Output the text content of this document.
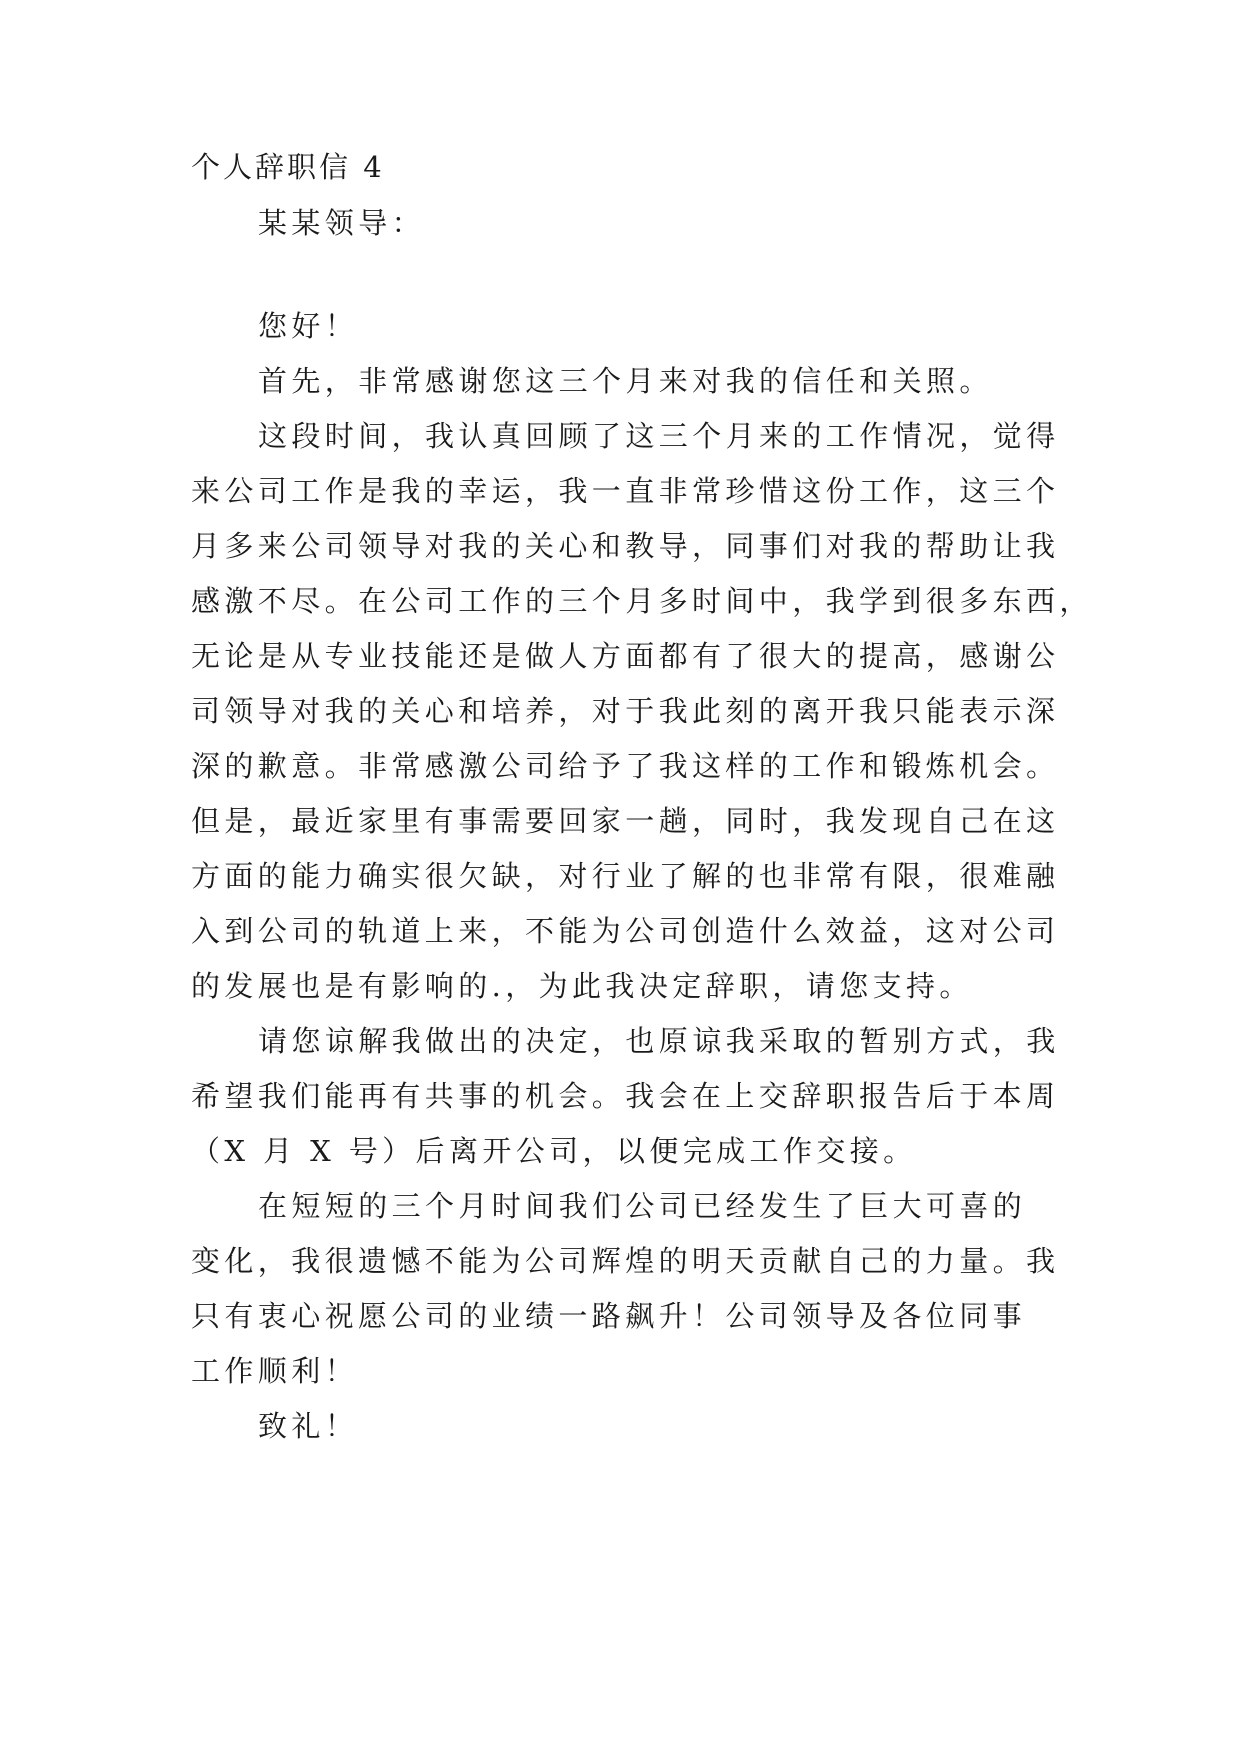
个人辞职信 4
某某领导：
您好！
首先，非常感谢您这三个月来对我的信任和关照。
这段时间，我认真回顾了这三个月来的工作情况，觉得
来公司工作是我的幸运，我一直非常珍惜这份工作，这三个
月多来公司领导对我的关心和教导，同事们对我的帮助让我
感激不尽。在公司工作的三个月多时间中，我学到很多东西，
无论是从专业技能还是做人方面都有了很大的提高，感谢公
司领导对我的关心和培养，对于我此刻的离开我只能表示深
深的歉意。非常感激公司给予了我这样的工作和锻炼机会。
但是，最近家里有事需要回家一趟，同时，我发现自己在这
方面的能力确实很欠缺，对行业了解的也非常有限，很难融
入到公司的轨道上来，不能为公司创造什么效益，这对公司
的发展也是有影响的.，为此我决定辞职，请您支持。
请您谅解我做出的决定，也原谅我采取的暂别方式，我
希望我们能再有共事的机会。我会在上交辞职报告后于本周
（X 月 X 号）后离开公司，以便完成工作交接。
在短短的三个月时间我们公司已经发生了巨大可喜的
变化，我很遗憾不能为公司辉煌的明天贡献自己的力量。我
只有衷心祝愿公司的业绩一路飙升！公司领导及各位同事
工作顺利！
致礼！
